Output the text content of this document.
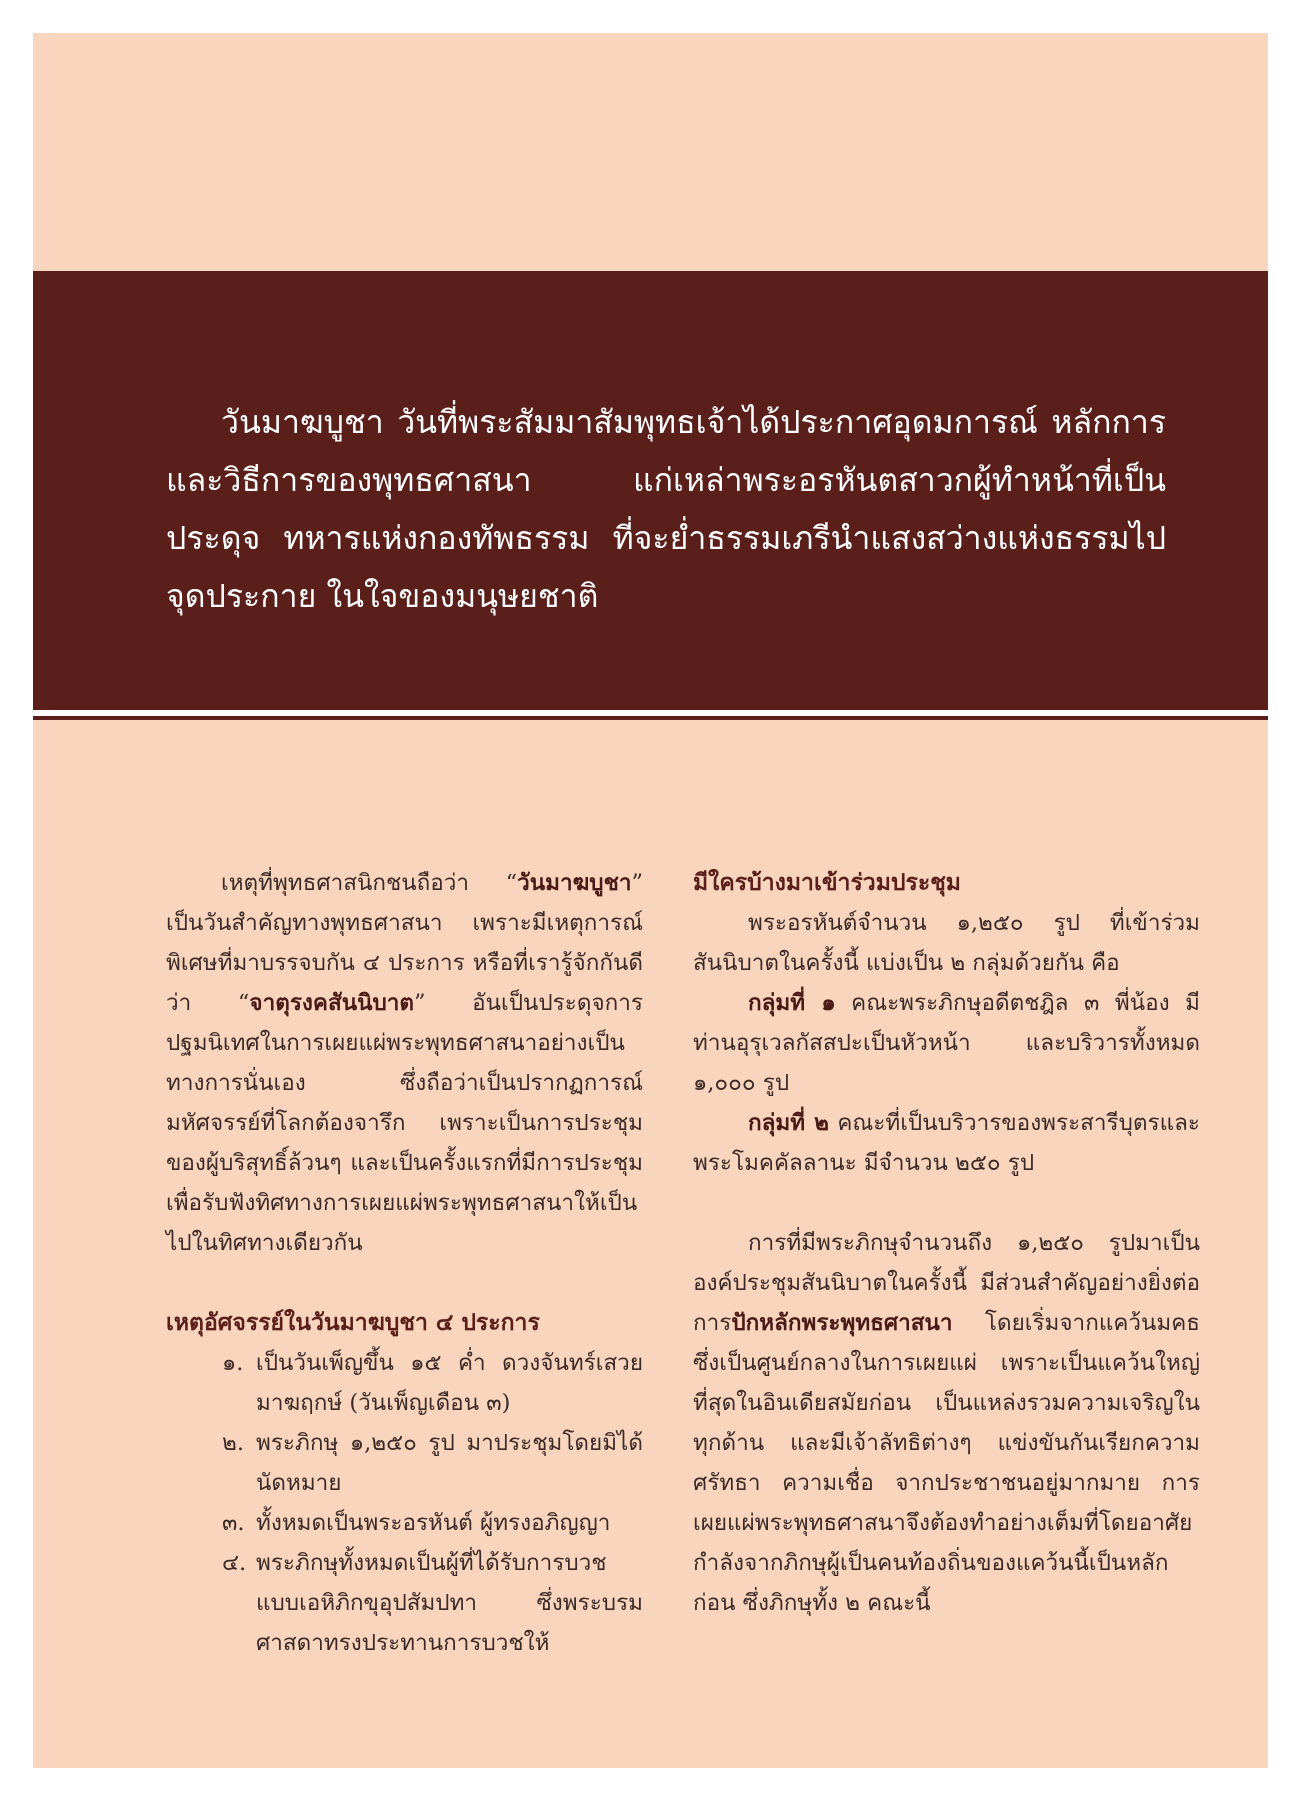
วันมาฆบูชา วันที่พระสัมมาสัมพุทธเจ้าได้ประกาศอุดมการณ์ หลักการ และวิธีการของพุทธศาสนา แก่เหล่าพระอรหันตสาวกผู้ทำหน้าที่เป็นประดุจ ทหารแห่งกองทัพธรรม ที่จะย่ำธรรมเภรีนำแสงสว่างแห่งธรรมไปจุดประกาย ในใจของมนุษยชาติ

เหตุที่พุทธศาสนิกชนถือว่า “วันมาฆบูชา” เป็นวันสำคัญทางพุทธศาสนา เพราะมีเหตุการณ์พิเศษที่มาบรรจบกัน ๔ ประการ หรือที่เรารู้จักกันดีว่า “จาตุรงคสันนิบาต” อันเป็นประดุจการปฐมนิเทศในการเผยแผ่พระพุทธศาสนาอย่างเป็นทางการนั่นเอง ซึ่งถือว่าเป็นปรากฏการณ์มหัศจรรย์ที่โลกต้องจารึก เพราะเป็นการประชุมของผู้บริสุทธิ์ล้วนๆ และเป็นครั้งแรกที่มีการประชุมเพื่อรับฟังทิศทางการเผยแผ่พระพุทธศาสนาให้เป็นไปในทิศทางเดียวกัน

เหตุอัศจรรย์ในวันมาฆบูชา ๔ ประการ

๑. เป็นวันเพ็ญขึ้น ๑๕ ค่ำ ดวงจันทร์เสวยมาฆฤกษ์ (วันเพ็ญเดือน ๓)
๒. พระภิกษุ ๑,๒๕๐ รูป มาประชุมโดยมิได้นัดหมาย
๓. ทั้งหมดเป็นพระอรหันต์ ผู้ทรงอภิญญา
๔. พระภิกษุทั้งหมดเป็นผู้ที่ได้รับการบวชแบบเอหิภิกขุอุปสัมปทา ซึ่งพระบรมศาสดาทรงประทานการบวชให้

มีใครบ้างมาเข้าร่วมประชุม

พระอรหันต์จำนวน ๑,๒๕๐ รูป ที่เข้าร่วมสันนิบาตในครั้งนี้ แบ่งเป็น ๒ กลุ่มด้วยกัน คือ

กลุ่มที่ ๑ คณะพระภิกษุอดีตชฎิล ๓ พี่น้อง มีท่านอุรุเวลกัสสปะเป็นหัวหน้า และบริวารทั้งหมด ๑,๐๐๐ รูป

กลุ่มที่ ๒ คณะที่เป็นบริวารของพระสารีบุตรและพระโมคคัลลานะ มีจำนวน ๒๕๐ รูป

การที่มีพระภิกษุจำนวนถึง ๑,๒๕๐ รูปมาเป็นองค์ประชุมสันนิบาตในครั้งนี้ มีส่วนสำคัญอย่างยิ่งต่อการปักหลักพระพุทธศาสนา โดยเริ่มจากแคว้นมคธ ซึ่งเป็นศูนย์กลางในการเผยแผ่ เพราะเป็นแคว้นใหญ่ที่สุดในอินเดียสมัยก่อน เป็นแหล่งรวมความเจริญในทุกด้าน และมีเจ้าลัทธิต่างๆ แข่งขันกันเรียกความศรัทธา ความเชื่อ จากประชาชนอยู่มากมาย การเผยแผ่พระพุทธศาสนาจึงต้องทำอย่างเต็มที่โดยอาศัยกำลังจากภิกษุผู้เป็นคนท้องถิ่นของแคว้นนี้เป็นหลักก่อน ซึ่งภิกษุทั้ง ๒ คณะนี้
